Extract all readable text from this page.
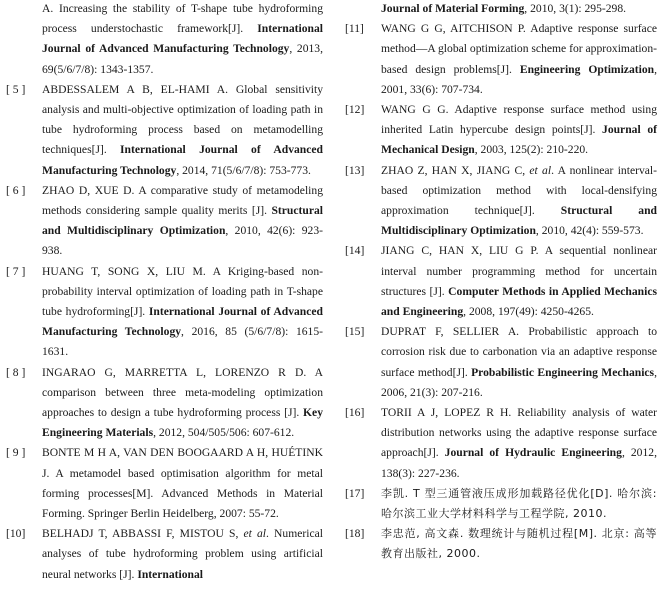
A. Increasing the stability of T-shape tube hydroforming process understochastic framework[J]. International Journal of Advanced Manufacturing Technology, 2013, 69(5/6/7/8): 1343-1357.

[ 5 ] ABDESSALEM A B, EL-HAMI A. Global sensitivity analysis and multi-objective optimization of loading path in tube hydroforming process based on metamodelling techniques[J]. International Journal of Advanced Manufacturing Technology, 2014, 71(5/6/7/8): 753-773.

[ 6 ] ZHAO D, XUE D. A comparative study of metamodeling methods considering sample quality merits [J]. Structural and Multidisciplinary Optimization, 2010, 42(6): 923-938.

[ 7 ] HUANG T, SONG X, LIU M. A Kriging-based non-probability interval optimization of loading path in T-shape tube hydroforming[J]. International Journal of Advanced Manufacturing Technology, 2016, 85 (5/6/7/8): 1615-1631.

[ 8 ] INGARAO G, MARRETTA L, LORENZO R D. A comparison between three meta-modeling optimization approaches to design a tube hydroforming process [J]. Key Engineering Materials, 2012, 504/505/506: 607-612.

[ 9 ] BONTE M H A, VAN DEN BOOGAARD A H, HUÉTINK J. A metamodel based optimisation algorithm for metal forming processes[M]. Advanced Methods in Material Forming. Springer Berlin Heidelberg, 2007: 55-72.

[10] BELHADJ T, ABBASSI F, MISTOU S, et al. Numerical analyses of tube hydroforming problem using artificial neural networks [J]. International

Journal of Material Forming, 2010, 3(1): 295-298.

[11] WANG G G, AITCHISON P. Adaptive response surface method—A global optimization scheme for approximation-based design problems[J]. Engineering Optimization, 2001, 33(6): 707-734.

[12] WANG G G. Adaptive response surface method using inherited Latin hypercube design points[J]. Journal of Mechanical Design, 2003, 125(2): 210-220.

[13] ZHAO Z, HAN X, JIANG C, et al. A nonlinear interval-based optimization method with local-densifying approximation technique[J]. Structural and Multidisciplinary Optimization, 2010, 42(4): 559-573.

[14] JIANG C, HAN X, LIU G P. A sequential nonlinear interval number programming method for uncertain structures [J]. Computer Methods in Applied Mechanics and Engineering, 2008, 197(49): 4250-4265.

[15] DUPRAT F, SELLIER A. Probabilistic approach to corrosion risk due to carbonation via an adaptive response surface method[J]. Probabilistic Engineering Mechanics, 2006, 21(3): 207-216.

[16] TORII A J, LOPEZ R H. Reliability analysis of water distribution networks using the adaptive response surface approach[J]. Journal of Hydraulic Engineering, 2012, 138(3): 227-236.

[17] 李凯. T 型三通管液压成形加载路径优化[D]. 哈尔滨: 哈尔滨工业大学材料科学与工程学院, 2010.

[18] 李忠范, 高文森. 数理统计与随机过程[M]. 北京: 高等教育出版社, 2000.
